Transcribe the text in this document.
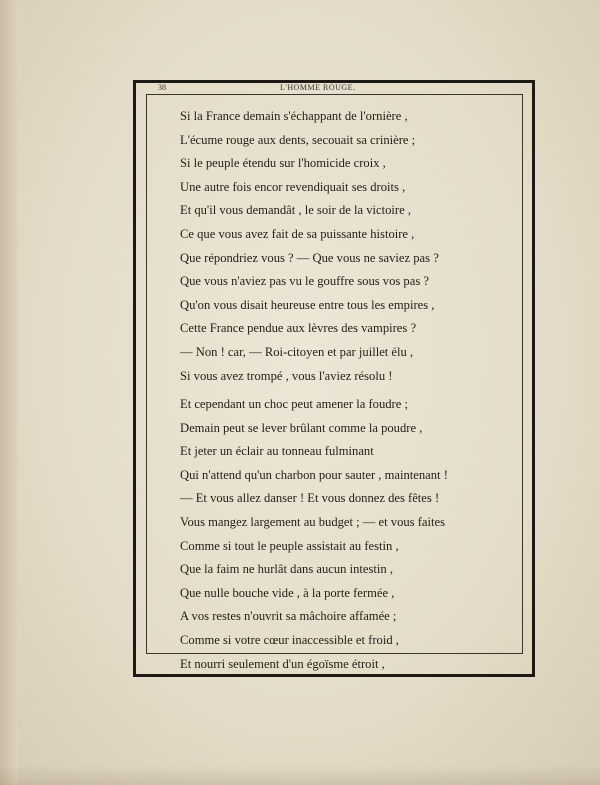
38	L'HOMME ROUGE.
Si la France demain s'échappant de l'ornière ,
L'écume rouge aux dents, secouait sa crinière ;
Si le peuple étendu sur l'homicide croix ,
Une autre fois encor revendiquait ses droits ,
Et qu'il vous demandât , le soir de la victoire ,
Ce que vous avez fait de sa puissante histoire ,
Que répondriez vous ? — Que vous ne saviez pas ?
Que vous n'aviez pas vu le gouffre sous vos pas ?
Qu'on vous disait heureuse entre tous les empires ,
Cette France pendue aux lèvres des vampires ?
— Non ! car, — Roi-citoyen et par juillet élu ,
Si vous avez trompé , vous l'aviez résolu !
Et cependant un choc peut amener la foudre ;
Demain peut se lever brûlant comme la poudre ,
Et jeter un éclair au tonneau fulminant
Qui n'attend qu'un charbon pour sauter , maintenant !
— Et vous allez danser ! Et vous donnez des fêtes !
Vous mangez largement au budget ; — et vous faites
Comme si tout le peuple assistait au festin ,
Que la faim ne hurlât dans aucun intestin ,
Que nulle bouche vide , à la porte fermée ,
A vos restes n'ouvrit sa mâchoire affamée ;
Comme si votre cœur inaccessible et froid ,
Et nourri seulement d'un égoïsme étroit ,
